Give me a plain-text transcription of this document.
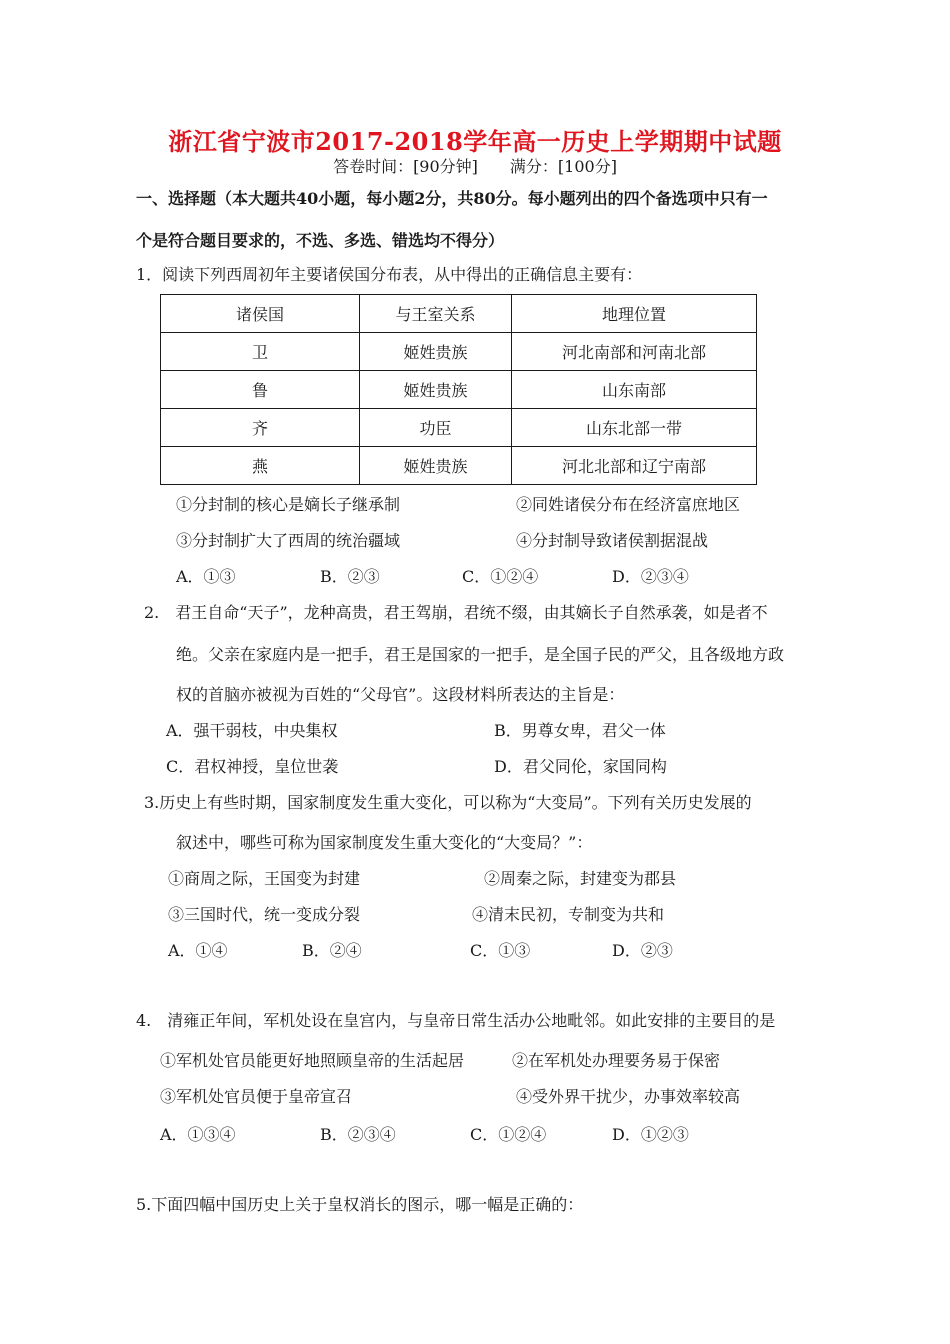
浙江省宁波市2017-2018学年高一历史上学期期中试题
答卷时间：[90分钟]　　满分：[100分]
一、选择题（本大题共40小题，每小题2分，共80分。每小题列出的四个备选项中只有一
个是符合题目要求的，不选、多选、错选均不得分）
1．阅读下列西周初年主要诸侯国分布表，从中得出的正确信息主要有：
诸侯国	与王室关系	地理位置
卫	姬姓贵族	河北南部和河南北部
鲁	姬姓贵族	山东南部
齐	功臣	山东北部一带
燕	姬姓贵族	河北北部和辽宁南部
①分封制的核心是嫡长子继承制	②同姓诸侯分布在经济富庶地区
③分封制扩大了西周的统治疆域	④分封制导致诸侯割据混战
A．①③	B．②③	C．①②④	D．②③④
2.　君王自命“天子”，龙种高贵，君王驾崩，君统不缀，由其嫡长子自然承袭，如是者不
绝。父亲在家庭内是一把手，君王是国家的一把手，是全国子民的严父，且各级地方政
权的首脑亦被视为百姓的“父母官”。这段材料所表达的主旨是：
A．强干弱枝，中央集权	B．男尊女卑，君父一体
C．君权神授，皇位世袭	D．君父同伦，家国同构
3.历史上有些时期，国家制度发生重大变化，可以称为“大变局”。下列有关历史发展的
叙述中，哪些可称为国家制度发生重大变化的“大变局？”：
①商周之际，王国变为封建	②周秦之际，封建变为郡县
③三国时代，统一变成分裂	④清末民初，专制变为共和
A．①④	B．②④	C．①③	D．②③
4.　清雍正年间，军机处设在皇宫内，与皇帝日常生活办公地毗邻。如此安排的主要目的是
①军机处官员能更好地照顾皇帝的生活起居	②在军机处办理要务易于保密
③军机处官员便于皇帝宣召	④受外界干扰少，办事效率较高
A．①③④	B．②③④	C．①②④	D．①②③
5.下面四幅中国历史上关于皇权消长的图示，哪一幅是正确的：
